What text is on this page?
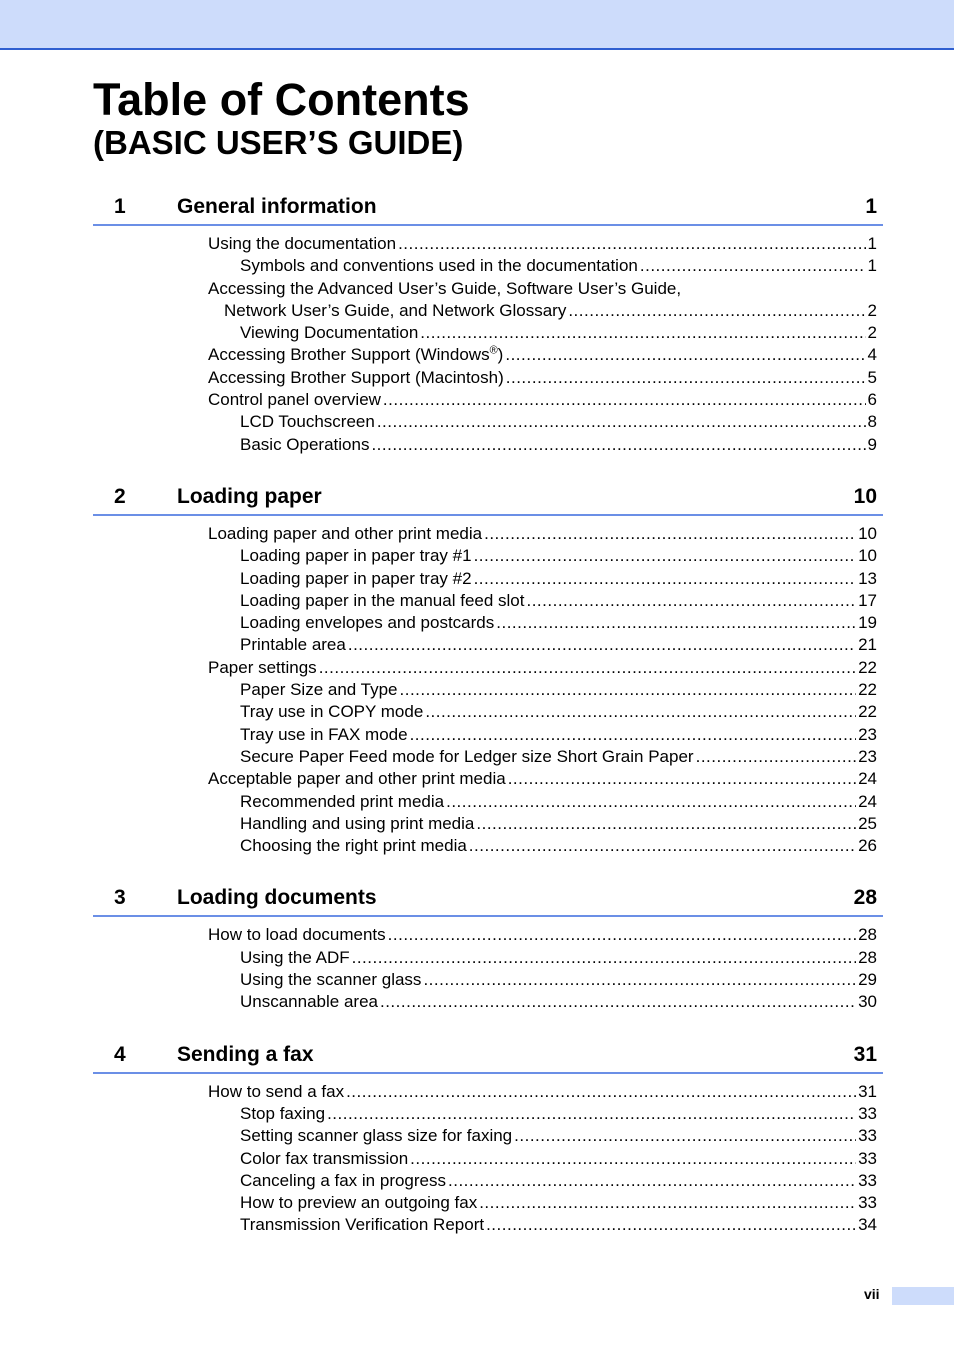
Table of Contents
(BASIC USER’S GUIDE)
1	General information	1
Using the documentation .....	1
Symbols and conventions used in the documentation .....	1
Accessing the Advanced User’s Guide, Software User’s Guide,
Network User’s Guide, and Network Glossary .....	2
Viewing Documentation .....	2
Accessing Brother Support (Windows®) .....	4
Accessing Brother Support (Macintosh) .....	5
Control panel overview .....	6
LCD Touchscreen .....	8
Basic Operations .....	9
2	Loading paper	10
Loading paper and other print media .....	10
Loading paper in paper tray #1 .....	10
Loading paper in paper tray #2 .....	13
Loading paper in the manual feed slot .....	17
Loading envelopes and postcards .....	19
Printable area .....	21
Paper settings .....	22
Paper Size and Type .....	22
Tray use in COPY mode .....	22
Tray use in FAX mode .....	23
Secure Paper Feed mode for Ledger size Short Grain Paper .....	23
Acceptable paper and other print media .....	24
Recommended print media .....	24
Handling and using print media .....	25
Choosing the right print media .....	26
3	Loading documents	28
How to load documents .....	28
Using the ADF .....	28
Using the scanner glass .....	29
Unscannable area .....	30
4	Sending a fax	31
How to send a fax .....	31
Stop faxing .....	33
Setting scanner glass size for faxing .....	33
Color fax transmission .....	33
Canceling a fax in progress .....	33
How to preview an outgoing fax .....	33
Transmission Verification Report .....	34
vii
